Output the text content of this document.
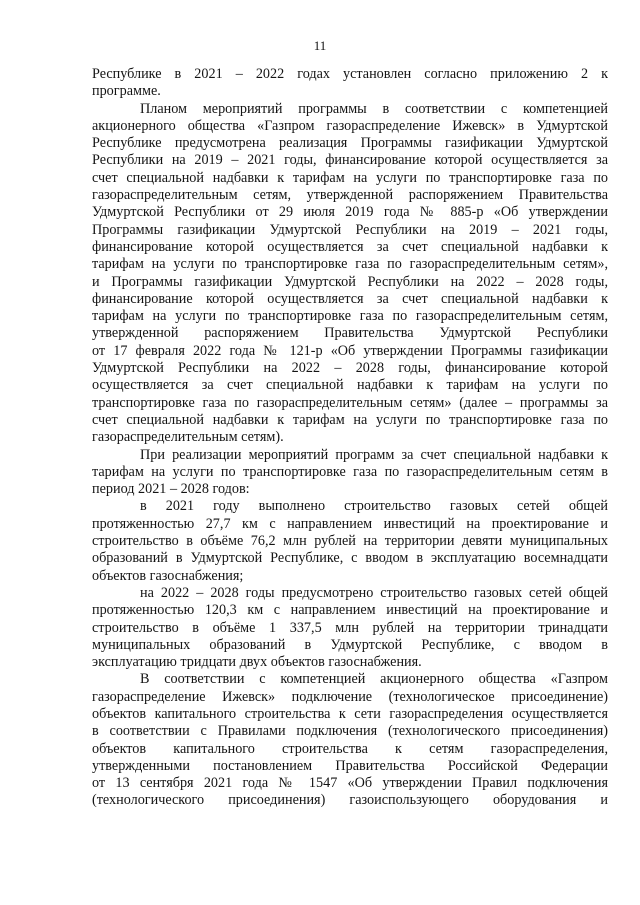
11
Республике в 2021 – 2022 годах установлен согласно приложению 2 к
программе.
Планом мероприятий программы в соответствии с компетенцией
акционерного общества «Газпром газораспределение Ижевск» в Удмуртской
Республике предусмотрена реализация Программы газификации Удмуртской
Республики на 2019 – 2021 годы, финансирование которой осуществляется за
счет специальной надбавки к тарифам на услуги по транспортировке газа по
газораспределительным сетям, утвержденной распоряжением Правительства
Удмуртской Республики от 29 июля 2019 года № 885-р «Об утверждении
Программы газификации Удмуртской Республики на 2019 – 2021 годы,
финансирование которой осуществляется за счет специальной надбавки к
тарифам на услуги по транспортировке газа по газораспределительным сетям»,
и Программы газификации Удмуртской Республики на 2022 – 2028 годы,
финансирование которой осуществляется за счет специальной надбавки к
тарифам на услуги по транспортировке газа по газораспределительным сетям,
утвержденной распоряжением Правительства Удмуртской Республики
от 17 февраля 2022 года № 121-р «Об утверждении Программы газификации
Удмуртской Республики на 2022 – 2028 годы, финансирование которой
осуществляется за счет специальной надбавки к тарифам на услуги по
транспортировке газа по газораспределительным сетям» (далее – программы за
счет специальной надбавки к тарифам на услуги по транспортировке газа по
газораспределительным сетям).
При реализации мероприятий программ за счет специальной надбавки к
тарифам на услуги по транспортировке газа по газораспределительным сетям в
период 2021 – 2028 годов:
в 2021 году выполнено строительство газовых сетей общей
протяженностью 27,7 км с направлением инвестиций на проектирование и
строительство в объёме 76,2 млн рублей на территории девяти муниципальных
образований в Удмуртской Республике, с вводом в эксплуатацию восемнадцати
объектов газоснабжения;
на 2022 – 2028 годы предусмотрено строительство газовых сетей общей
протяженностью 120,3 км с направлением инвестиций на проектирование и
строительство в объёме 1 337,5 млн рублей на территории тринадцати
муниципальных образований в Удмуртской Республике, с вводом в
эксплуатацию тридцати двух объектов газоснабжения.
В соответствии с компетенцией акционерного общества «Газпром
газораспределение Ижевск» подключение (технологическое присоединение)
объектов капитального строительства к сети газораспределения осуществляется
в соответствии с Правилами подключения (технологического присоединения)
объектов капитального строительства к сетям газораспределения,
утвержденными постановлением Правительства Российской Федерации
от 13 сентября 2021 года № 1547 «Об утверждении Правил подключения
(технологического присоединения) газоиспользующего оборудования и
